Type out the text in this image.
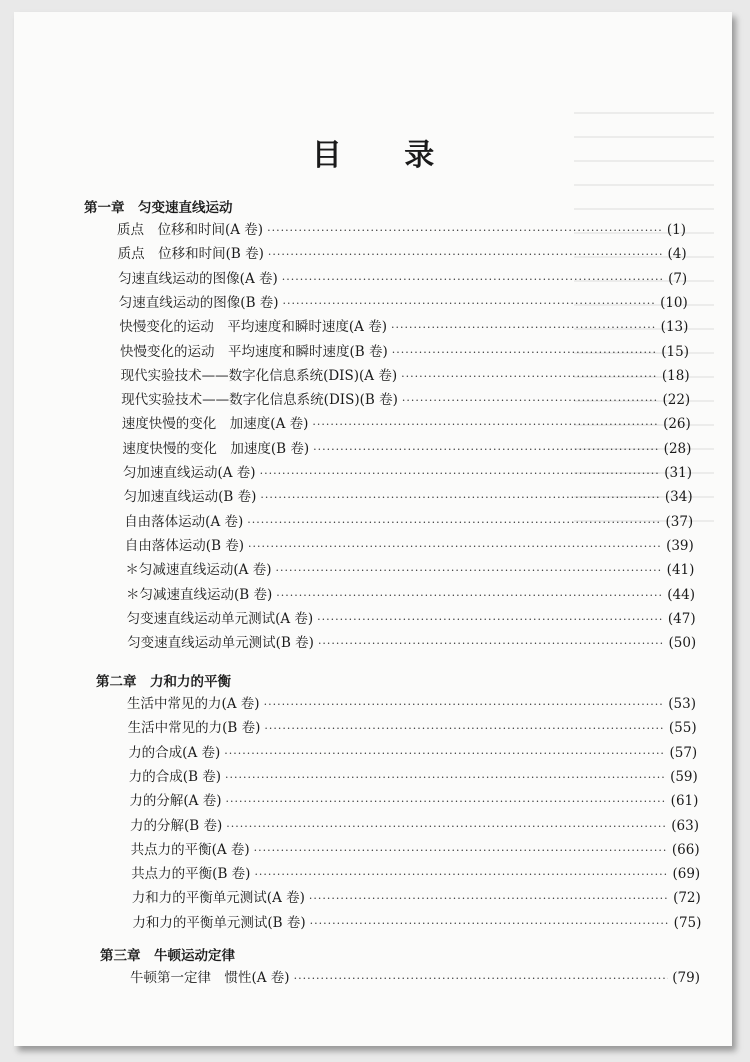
目 录
第一章　匀变速直线运动
质点　位移和时间(A 卷) ·····	(1)
质点　位移和时间(B 卷) ·····	(4)
匀速直线运动的图像(A 卷) ·····	(7)
匀速直线运动的图像(B 卷) ·····	(10)
快慢变化的运动　平均速度和瞬时速度(A 卷) ·····	(13)
快慢变化的运动　平均速度和瞬时速度(B 卷) ·····	(15)
现代实验技术——数字化信息系统(DIS)(A 卷) ·····	(18)
现代实验技术——数字化信息系统(DIS)(B 卷) ·····	(22)
速度快慢的变化　加速度(A 卷) ·····	(26)
速度快慢的变化　加速度(B 卷) ·····	(28)
匀加速直线运动(A 卷) ·····	(31)
匀加速直线运动(B 卷) ·····	(34)
自由落体运动(A 卷) ·····	(37)
自由落体运动(B 卷) ·····	(39)
＊匀减速直线运动(A 卷) ·····	(41)
＊匀减速直线运动(B 卷) ·····	(44)
匀变速直线运动单元测试(A 卷) ·····	(47)
匀变速直线运动单元测试(B 卷) ·····	(50)
第二章　力和力的平衡
生活中常见的力(A 卷) ·····	(53)
生活中常见的力(B 卷) ·····	(55)
力的合成(A 卷) ·····	(57)
力的合成(B 卷) ·····	(59)
力的分解(A 卷) ·····	(61)
力的分解(B 卷) ·····	(63)
共点力的平衡(A 卷) ·····	(66)
共点力的平衡(B 卷) ·····	(69)
力和力的平衡单元测试(A 卷) ·····	(72)
力和力的平衡单元测试(B 卷) ·····	(75)
第三章　牛顿运动定律
牛顿第一定律　惯性(A 卷) ·····	(79)
